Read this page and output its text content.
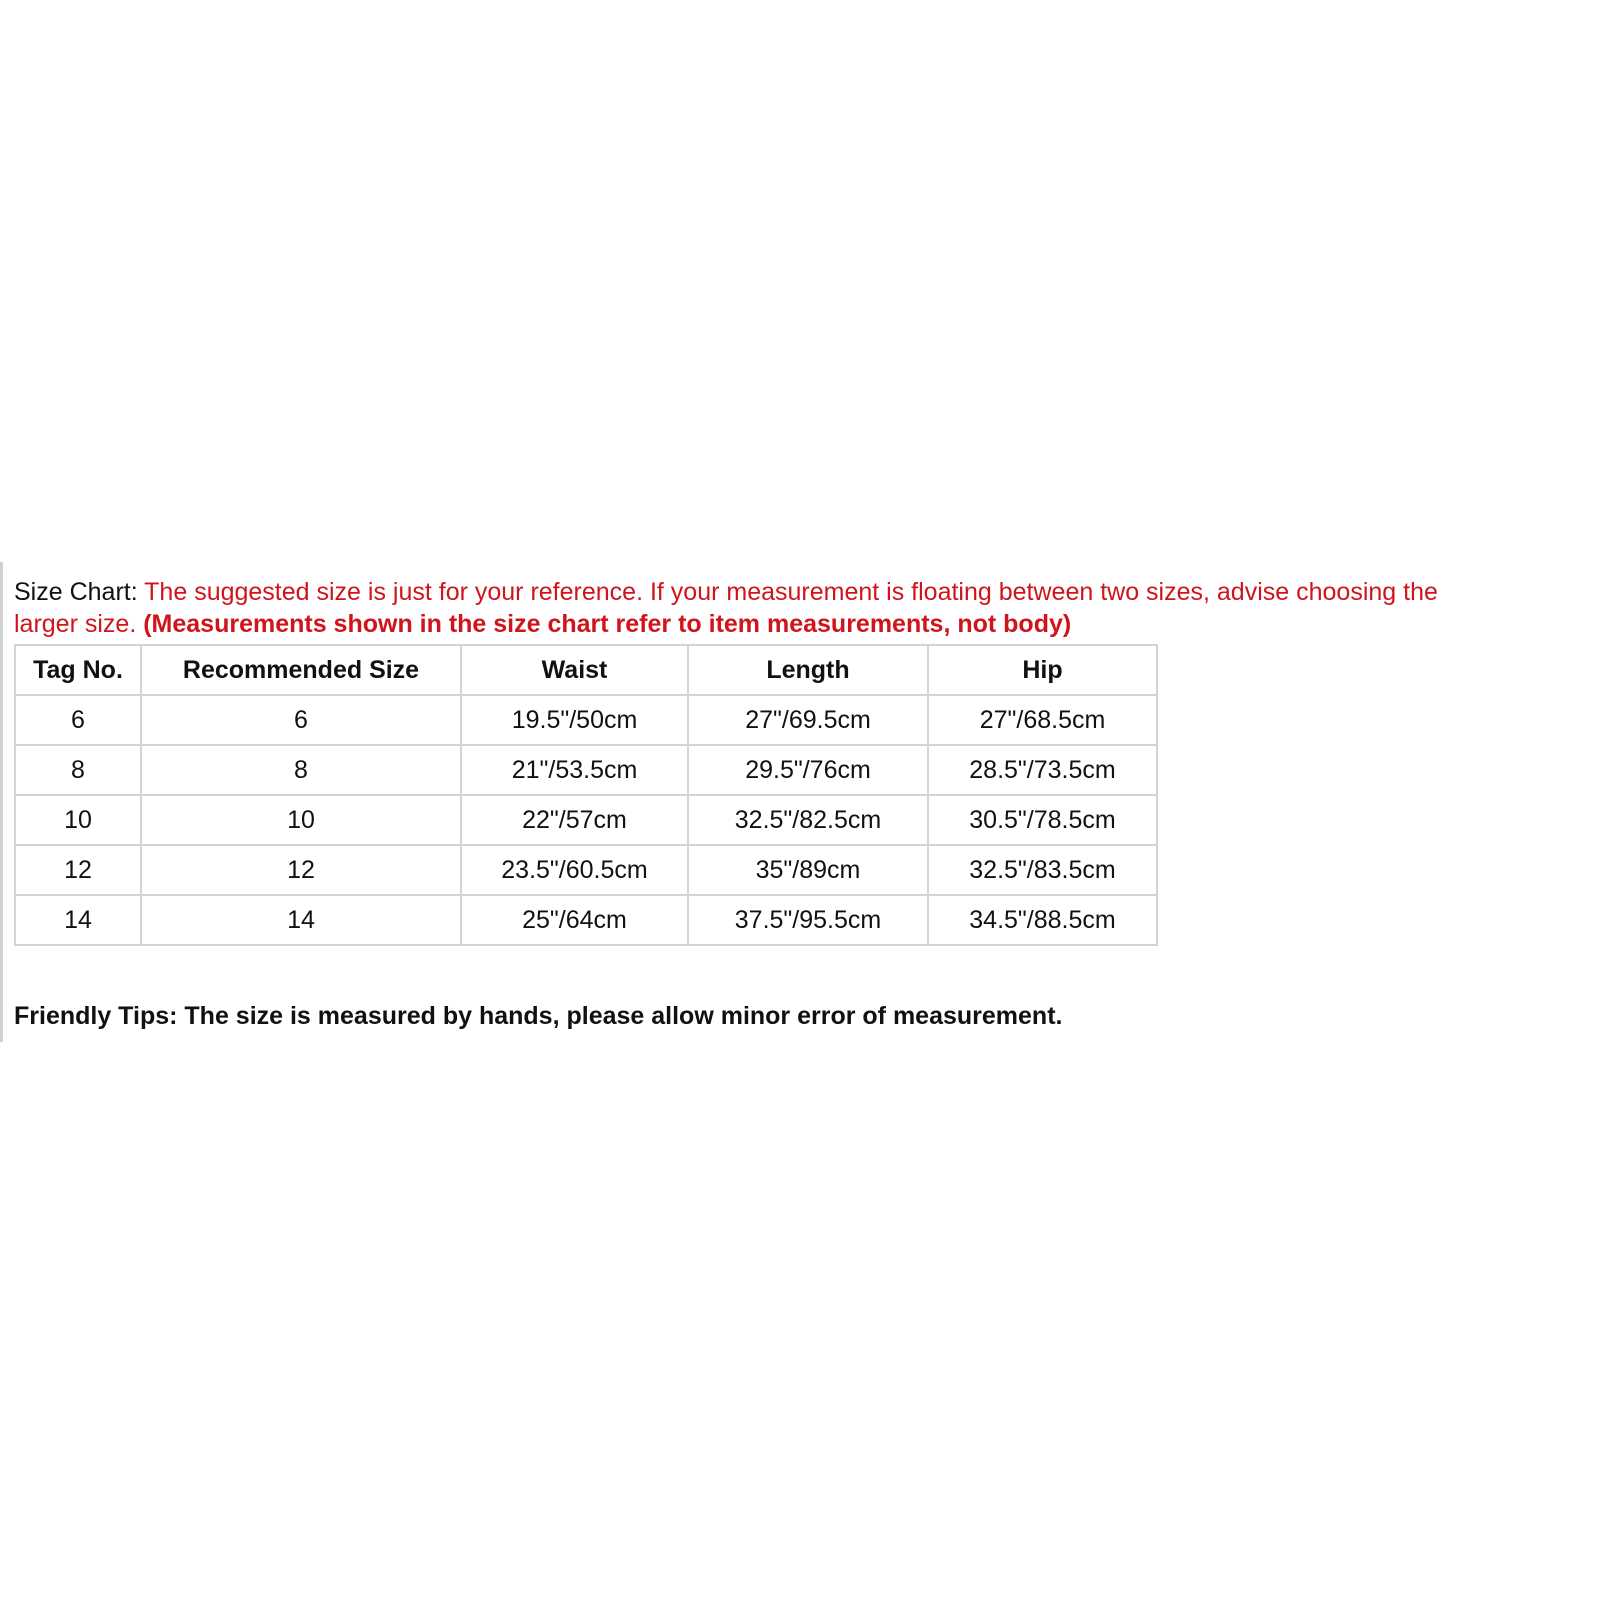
Size Chart: The suggested size is just for your reference. If your measurement is floating between two sizes, advise choosing the
larger size. (Measurements shown in the size chart refer to item measurements, not body)
Tag No.	Recommended Size	Waist	Length	Hip
6	6	19.5"/50cm	27"/69.5cm	27"/68.5cm
8	8	21"/53.5cm	29.5"/76cm	28.5"/73.5cm
10	10	22"/57cm	32.5"/82.5cm	30.5"/78.5cm
12	12	23.5"/60.5cm	35"/89cm	32.5"/83.5cm
14	14	25"/64cm	37.5"/95.5cm	34.5"/88.5cm
Friendly Tips: The size is measured by hands, please allow minor error of measurement.
